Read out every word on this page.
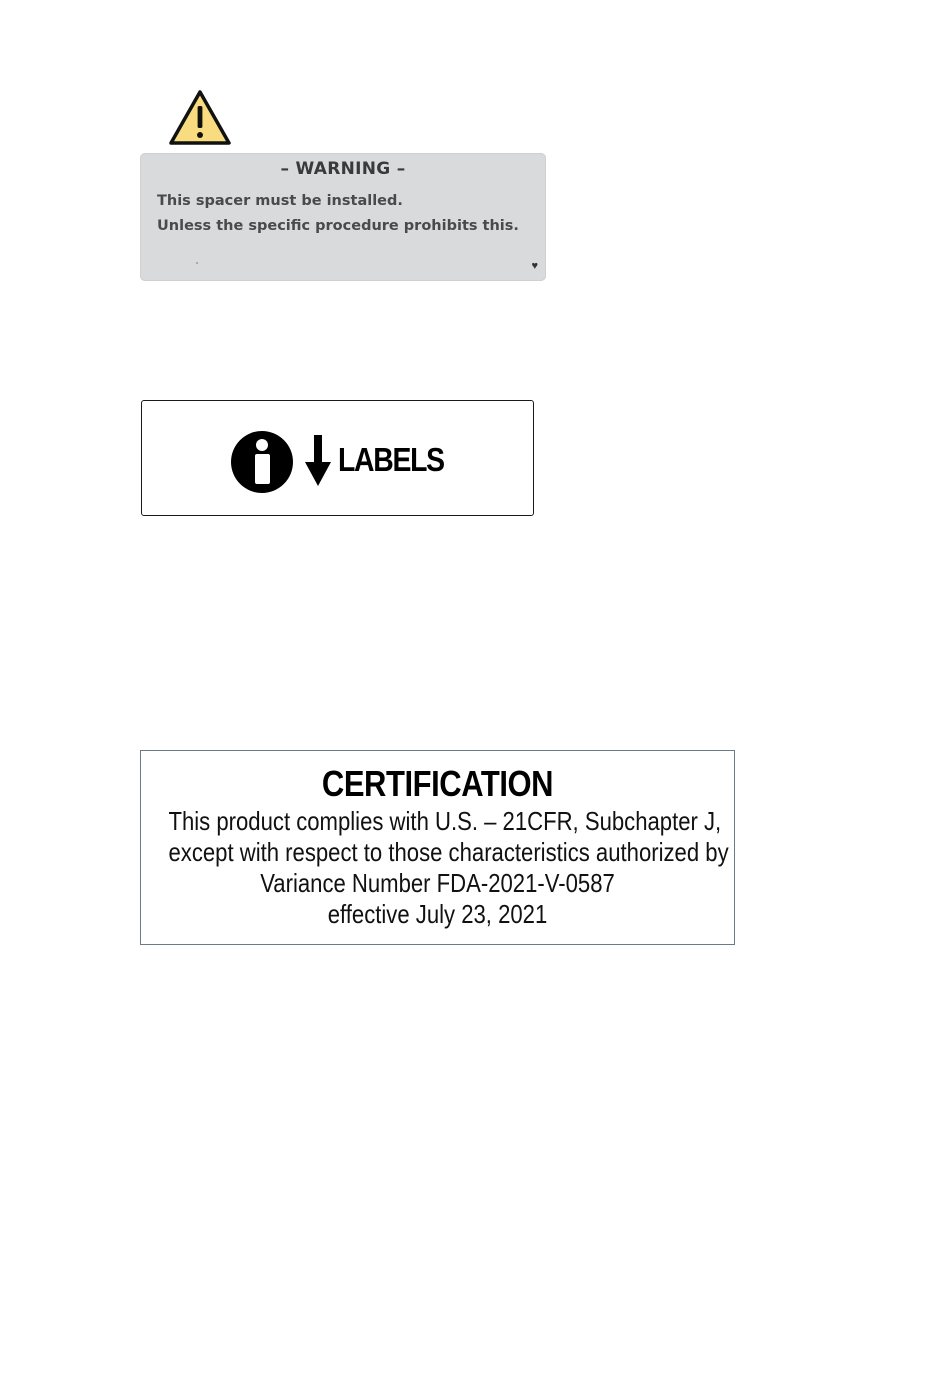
– WARNING –
This spacer must be installed.
Unless the specific procedure prohibits this.
♥
LABELS
CERTIFICATION
This product complies with U.S. – 21CFR, Subchapter J,
except with respect to those characteristics authorized by
Variance Number FDA-2021-V-0587
effective July 23, 2021
